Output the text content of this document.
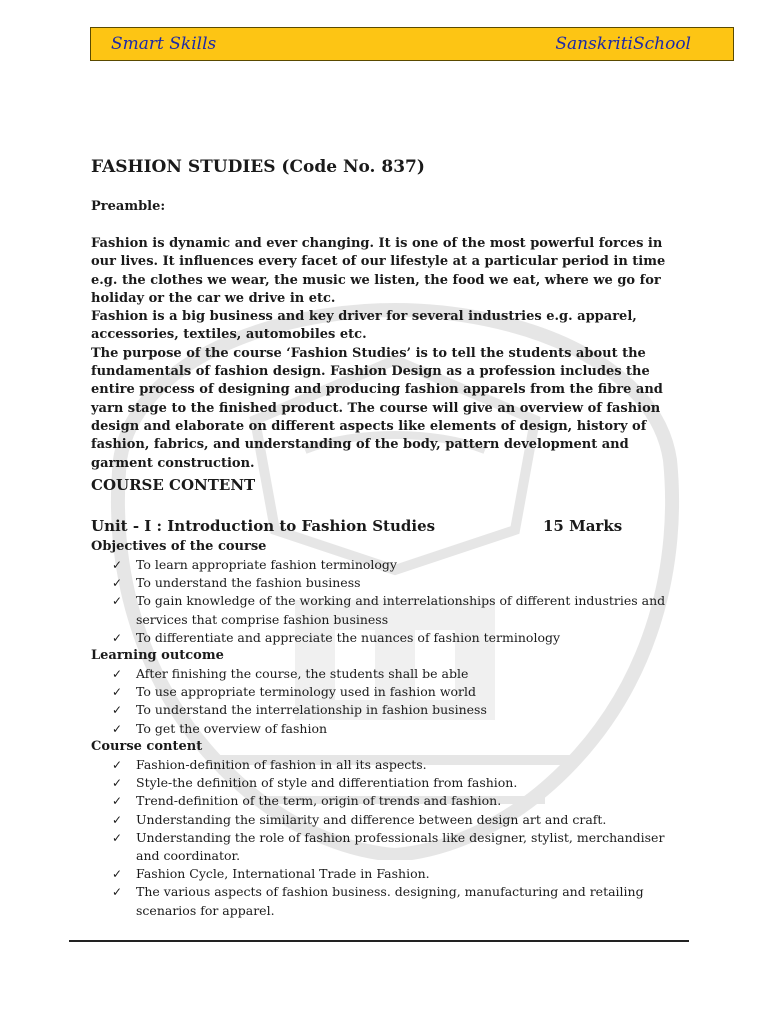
Smart Skills	SanskritiSchool
FASHION STUDIES (Code No. 837)
Preamble:

Fashion is dynamic and ever changing. It is one of the most powerful forces in our lives. It influences every facet of our lifestyle at a particular period in time e.g. the clothes we wear, the music we listen, the food we eat, where we go for holiday or the car we drive in etc.

Fashion is a big business and key driver for several industries e.g. apparel, accessories, textiles, automobiles etc.

The purpose of the course ‘Fashion Studies’ is to tell the students about the fundamentals of fashion design. Fashion Design as a profession includes the entire process of designing and producing fashion apparels from the fibre and yarn stage to the finished product. The course will give an overview of fashion design and elaborate on different aspects like elements of design, history of fashion, fabrics, and understanding of the body, pattern development and garment construction.

COURSE CONTENT
Unit - I : Introduction to Fashion Studies	15 Marks
Objectives of the course
✓ To learn appropriate fashion terminology
✓ To understand the fashion business
✓ To gain knowledge of the working and interrelationships of different industries and services that comprise fashion business
✓ To differentiate and appreciate the nuances of fashion terminology
Learning outcome
✓ After finishing the course, the students shall be able
✓ To use appropriate terminology used in fashion world
✓ To understand the interrelationship in fashion business
✓ To get the overview of fashion
Course content
✓ Fashion-definition of fashion in all its aspects.
✓ Style-the definition of style and differentiation from fashion.
✓ Trend-definition of the term, origin of trends and fashion.
✓ Understanding the similarity and difference between design art and craft.
✓ Understanding the role of fashion professionals like designer, stylist, merchandiser and coordinator.
✓ Fashion Cycle, International Trade in Fashion.
✓ The various aspects of fashion business. designing, manufacturing and retailing scenarios for apparel.
